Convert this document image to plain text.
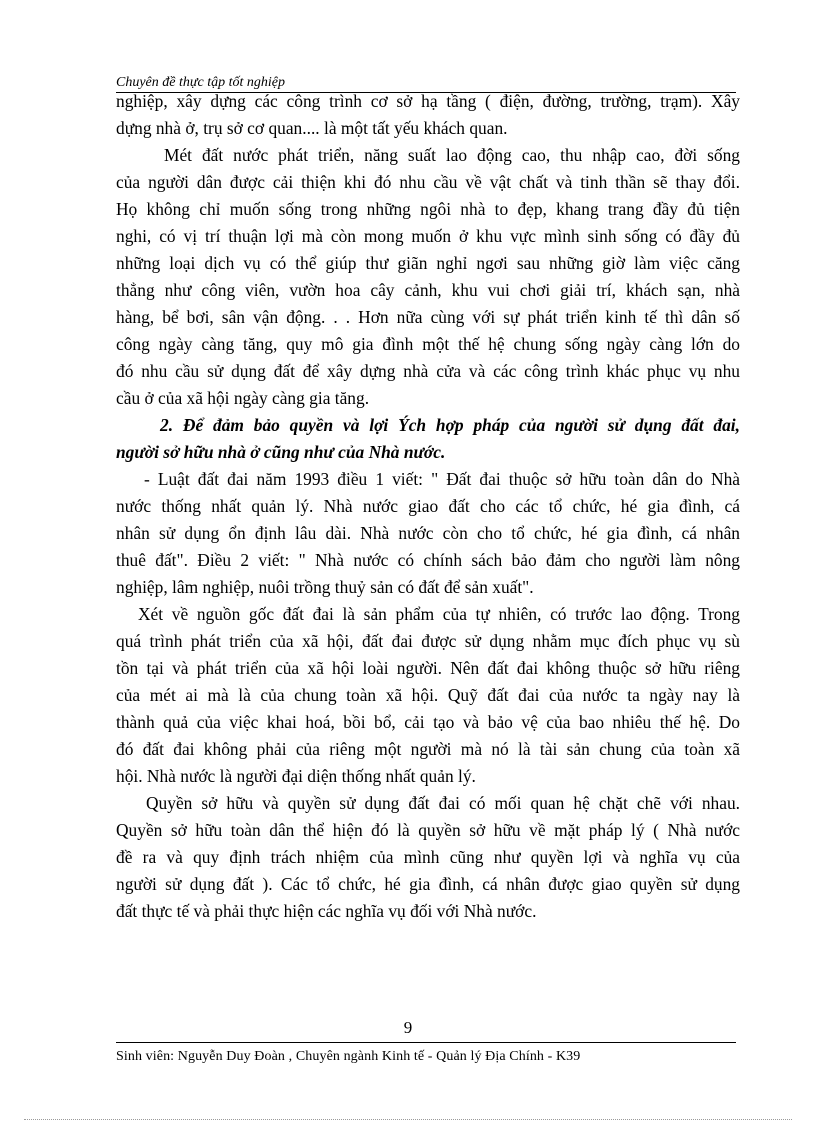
Chuyên đề thực tập tốt nghiệp
nghiệp, xây dựng các công trình cơ sở hạ tầng ( điện, đường, trường, trạm). Xây
dựng nhà ở, trụ sở cơ quan.... là một tất yếu khách quan.
Mét đất nước phát triển, năng suất lao động cao, thu nhập cao, đời sống
của người dân được cải thiện khi đó nhu cầu về vật chất và tinh thần sẽ thay đổi.
Họ không chỉ muốn sống trong những ngôi nhà to đẹp, khang trang đầy đủ tiện
nghi, có vị trí thuận lợi mà còn mong muốn ở khu vực mình sinh sống có đầy đủ
những loại dịch vụ có thể giúp thư giãn nghỉ ngơi sau những giờ làm việc căng
thẳng như công viên, vườn hoa cây cảnh, khu vui chơi giải trí, khách sạn, nhà
hàng, bể bơi, sân vận động. . . Hơn nữa cùng với sự phát triển kinh tế thì dân số
công ngày càng tăng, quy mô gia đình một thế hệ chung sống ngày càng lớn do
đó nhu cầu sử dụng đất để xây dựng nhà cửa và các công trình khác phục vụ nhu
cầu ở của xã hội ngày càng gia tăng.
2. Để đảm bảo quyền và lợi Ých hợp pháp của người sử dụng đất đai,
người sở hữu nhà ở cũng như của Nhà nước.
- Luật đất đai năm 1993 điều 1 viết: " Đất đai thuộc sở hữu toàn dân do Nhà
nước thống nhất quản lý. Nhà nước giao đất cho các tổ chức, hé gia đình, cá
nhân sử dụng ổn định lâu dài. Nhà nước còn cho tổ chức, hé gia đình, cá nhân
thuê đất". Điều 2 viết: " Nhà nước có chính sách bảo đảm cho người làm nông
nghiệp, lâm nghiệp, nuôi trồng thuỷ sản có đất để sản xuất".
Xét về nguồn gốc đất đai là sản phẩm của tự nhiên, có trước lao động. Trong
quá trình phát triển của xã hội, đất đai được sử dụng nhằm mục đích phục vụ sù
tồn tại và phát triển của xã hội loài người. Nên đất đai không thuộc sở hữu riêng
của mét ai mà là của chung toàn xã hội. Quỹ đất đai của nước ta ngày nay là
thành quả của việc khai hoá, bồi bổ, cải tạo và bảo vệ của bao nhiêu thế hệ. Do
đó đất đai không phải của riêng một người mà nó là tài sản chung của toàn xã
hội. Nhà nước là người đại diện thống nhất quản lý.
Quyền sở hữu và quyền sử dụng đất đai có mối quan hệ chặt chẽ với nhau.
Quyền sở hữu toàn dân thể hiện đó là quyền sở hữu về mặt pháp lý ( Nhà nước
đề ra và quy định trách nhiệm của mình cũng như quyền lợi và nghĩa vụ của
người sử dụng đất ). Các tổ chức, hé gia đình, cá nhân được giao quyền sử dụng
đất thực tế và phải thực hiện các nghĩa vụ đối với Nhà nước.
9
Sinh viên: Nguyễn Duy Đoàn , Chuyên ngành Kinh tế - Quản lý Địa Chính - K39
